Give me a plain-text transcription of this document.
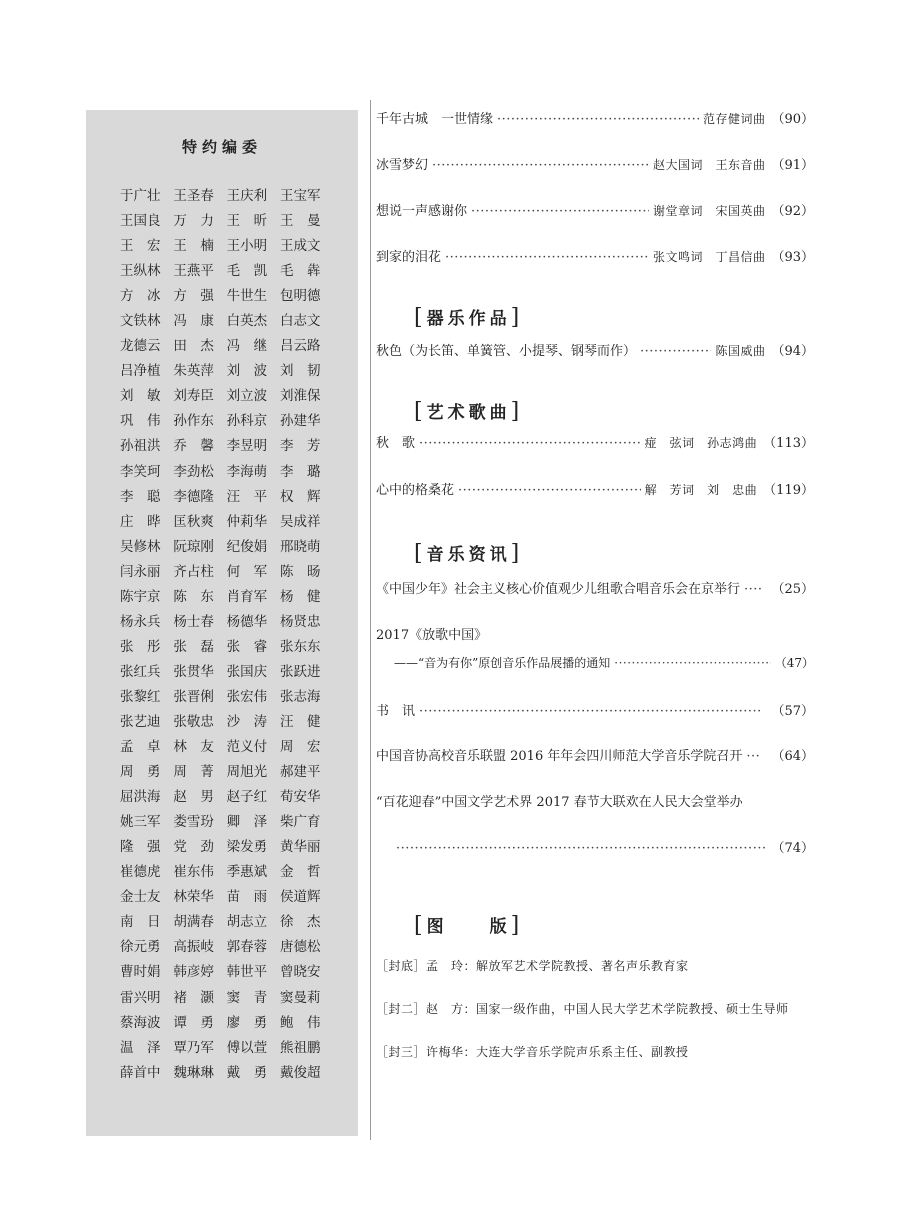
特约编委
于广壮 王圣春 王庆利 王宝军
王国良 万　力 王　昕 王　曼
王　宏 王　楠 王小明 王成文
王纵林 王燕平 毛　凯 毛　犇
方　冰 方　强 牛世生 包明德
文铁林 冯　康 白英杰 白志文
龙德云 田　杰 冯　继 吕云路
吕净植 朱英萍 刘　波 刘　韧
刘　敏 刘寿臣 刘立波 刘淮保
巩　伟 孙作东 孙科京 孙建华
孙祖洪 乔　馨 李昱明 李　芳
李笑珂 李劲松 李海萌 李　璐
李　聪 李德隆 汪　平 权　辉
庄　晔 匡秋爽 仲莉华 吴成祥
吴修林 阮琼刚 纪俊娟 邢晓萌
闫永丽 齐占柱 何　军 陈　旸
陈宇京 陈　东 肖育军 杨　健
杨永兵 杨士春 杨德华 杨贤忠
张　彤 张　磊 张　睿 张东东
张红兵 张贯华 张国庆 张跃进
张黎红 张晋俐 张宏伟 张志海
张艺迪 张敬忠 沙　涛 汪　健
孟　卓 林　友 范义付 周　宏
周　勇 周　菁 周旭光 郝建平
屈洪海 赵　男 赵子红 荀安华
姚三军 娄雪玢 卿　泽 柴广育
隆　强 党　劲 梁发勇 黄华丽
崔德虎 崔东伟 季惠斌 金　哲
金士友 林荣华 苗　雨 侯道辉
南　日 胡满春 胡志立 徐　杰
徐元勇 高振岐 郭春蓉 唐德松
曹时娟 韩彦婷 韩世平 曾晓安
雷兴明 褚　灏 窦　青 窦曼莉
蔡海波 谭　勇 廖　勇 鲍　伟
温　泽 覃乃军 傅以萱 熊祖鹏
薛首中 魏琳琳 戴　勇 戴俊超
千年古城　一世情缘 ·····	范存健词曲 （90）
冰雪梦幻 ·····	赵大国词　王东音曲 （91）
想说一声感谢你 ·····	谢堂章词　宋国英曲 （92）
到家的泪花 ·····	张文鸣词　丁昌信曲 （93）
[器乐作品]
秋色（为长笛、单簧管、小提琴、钢琴而作） ·····	陈国威曲 （94）
[艺术歌曲]
秋　歌 ·····	痖　弦词　孙志鸿曲 （113）
心中的格桑花 ·····	解　芳词　刘　忠曲 （119）
[音乐资讯]
《中国少年》社会主义核心价值观少儿组歌合唱音乐会在京举行 ····· （25）
2017《放歌中国》
——“音为有你”原创音乐作品展播的通知 ·····	（47）
书　讯 ·····	（57）
中国音协高校音乐联盟 2016 年年会四川师范大学音乐学院召开 ····· （64）
“百花迎春”中国文学艺术界 2017 春节大联欢在人民大会堂举办
·····
（74）
[图　　版]
［封底］孟　玲：解放军艺术学院教授、著名声乐教育家
［封二］赵　方：国家一级作曲，中国人民大学艺术学院教授、硕士生导师
［封三］许梅华：大连大学音乐学院声乐系主任、副教授
